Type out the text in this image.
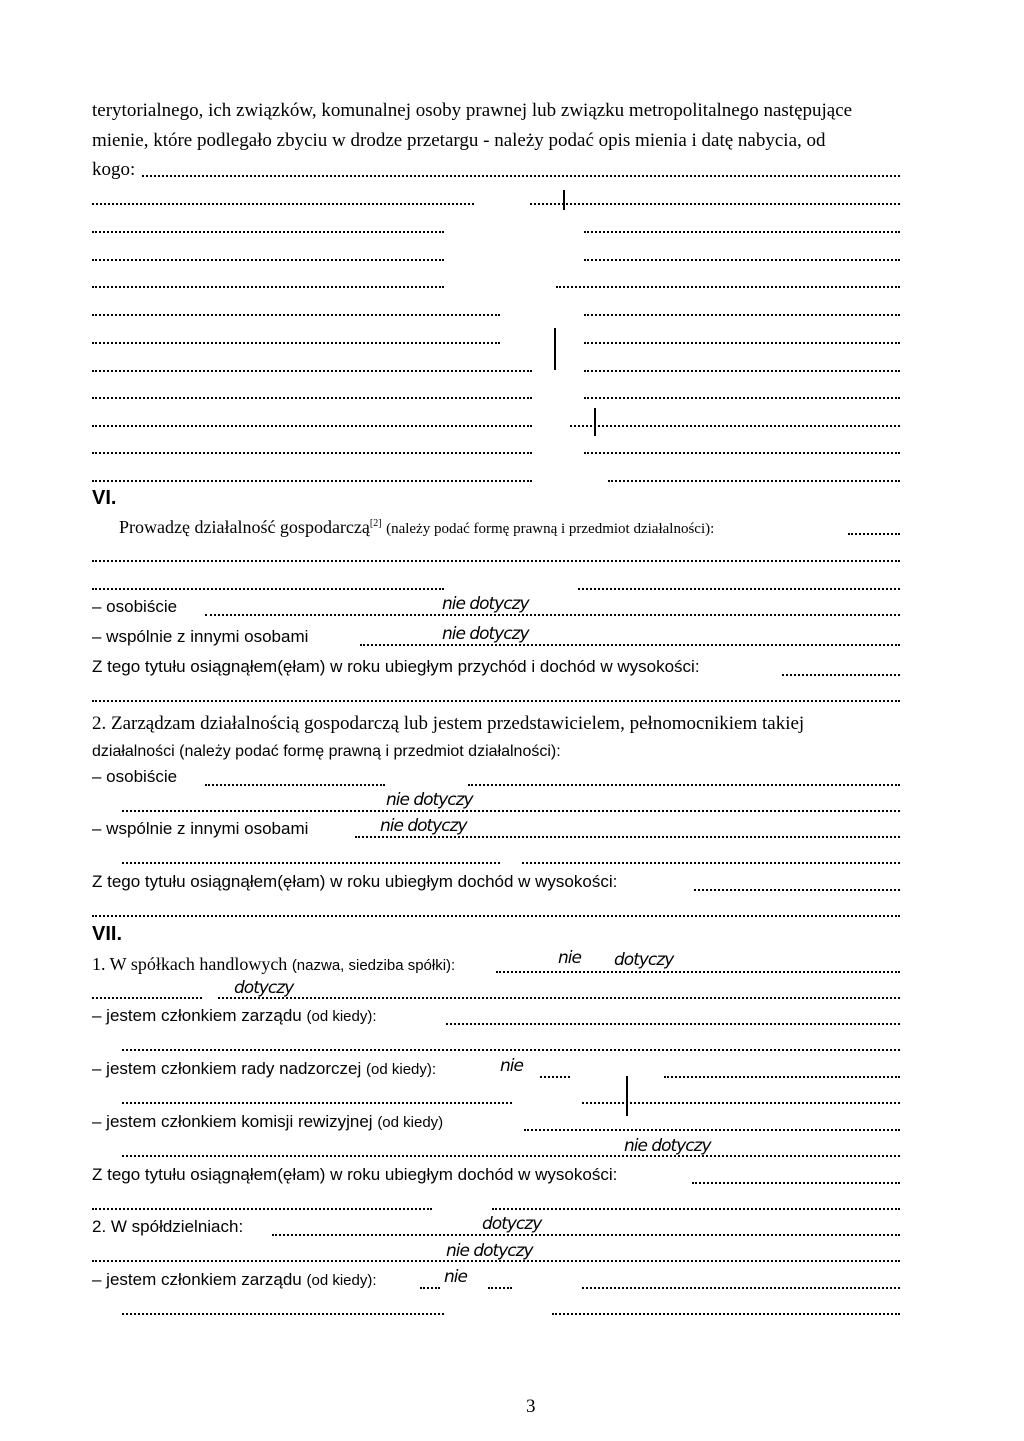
terytorialnego, ich związków, komunalnej osoby prawnej lub związku metropolitalnego następujące
mienie, które podlegało zbyciu w drodze przetargu - należy podać opis mienia i datę nabycia, od
kogo:
VI.
Prowadzę działalność gospodarczą[2] (należy podać formę prawną i przedmiot działalności):
– osobiście	nie dotyczy
– wspólnie z innymi osobami	nie dotyczy
Z tego tytułu osiągnąłem(ęłam) w roku ubiegłym przychód i dochód w wysokości:
2. Zarządzam działalnością gospodarczą lub jestem przedstawicielem, pełnomocnikiem takiej
działalności (należy podać formę prawną i przedmiot działalności):
– osobiście
nie dotyczy
– wspólnie z innymi osobami	nie dotyczy
Z tego tytułu osiągnąłem(ęłam) w roku ubiegłym dochód w wysokości:
VII.
1. W spółkach handlowych (nazwa, siedziba spółki):	nie dotyczy
dotyczy
– jestem członkiem zarządu (od kiedy):
– jestem członkiem rady nadzorczej (od kiedy):	nie
– jestem członkiem komisji rewizyjnej (od kiedy)
nie dotyczy
Z tego tytułu osiągnąłem(ęłam) w roku ubiegłym dochód w wysokości:
2. W spółdzielniach:	dotyczy
nie dotyczy
– jestem członkiem zarządu (od kiedy):	nie
3
